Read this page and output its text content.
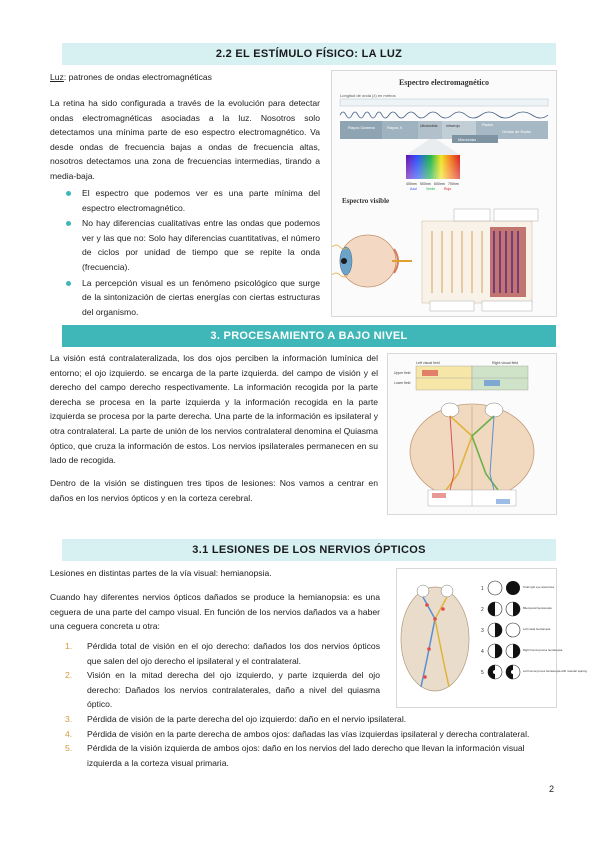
2.2 EL ESTÍMULO FÍSICO: LA LUZ

Luz: patrones de ondas electromagnéticas

La retina ha sido configurada a través de la evolución para detectar ondas electromagnéticas asociadas a la luz. Nosotros solo detectamos una mínima parte de eso espectro electromagnético. Va desde ondas de frecuencia bajas a ondas de frecuencia altas, nosotros detectamos una zona de frecuencias intermedias, tirando a media-baja.
El espectro que podemos ver es una parte mínima del espectro electromagnético.
No hay diferencias cualitativas entre las ondas que podemos ver y las que no: Solo hay diferencias cuantitativas, el número de ciclos por unidad de tiempo que se repite la onda (frecuencia).
La percepción visual es un fenómeno psicológico que surge de la sintonización de ciertas energías con ciertas estructuras del organismo.
Espectro electromagnético
Longitud de onda (λ) en metros
Rayos Gamma	Rayos X	Ultravioleta Infrarrojo	Radar
Ondas de Radio
Microondas
400nm 500nm 600nm 700nm
Azul	Verde	Rojo
Espectro visible
3. PROCESAMIENTO A BAJO NIVEL
La visión está contralateralizada, los dos ojos perciben la información lumínica del entorno; el ojo izquierdo. se encarga de la parte izquierda. del campo de visión y el derecho del campo derecho respectivamente. La información recogida por la parte derecha se procesa en la parte izquierda y la información recogida en la parte izquierda se procesa por la parte derecha. Una parte de la información es ipsilateral y otra contralateral. La parte de unión de los nervios contralateral denomina el Quiasma óptico, que cruza la información de estos. Los nervios ipsilaterales permanecen en su lado de recogida.
Dentro de la visión se distinguen tres tipos de lesiones: Nos vamos a centrar en daños en los nervios ópticos y en la corteza cerebral.
Left visual field	Right visual field
Upper field
Lower field
3.1 LESIONES DE LOS NERVIOS ÓPTICOS
Lesiones en distintas partes de la vía visual: hemianopsia.
Cuando hay diferentes nervios ópticos dañados se produce la hemianopsia: es una ceguera de una parte del campo visual. En función de los nervios dañados va a haber una ceguera concreta u otra:
1. Pérdida total de visión en el ojo derecho: dañados los dos nervios ópticos que salen del ojo derecho el ipsilateral y el contralateral.
2. Visión en la mitad derecha del ojo izquierdo, y parte izquierda del ojo derecho: Dañados los nervios contralaterales, daño a nivel del quiasma óptico.
3. Pérdida de visión de la parte derecha del ojo izquierdo: daño en el nervio ipsilateral.
4. Pérdida de visión en la parte derecha de ambos ojos: dañadas las vías izquierdas ipsilateral y derecha contralateral.
5. Pérdida de la visión izquierda de ambos ojos: daño en los nervios del lado derecho que llevan la información visual izquierda a la corteza visual primaria.
1
2
3
4
5
Total right eye visual loss
Bitemporal hemianopia
Left nasal hemianopia
Right homonymous hemianopia
Left homonymous hemianopia with macular sparing
2
